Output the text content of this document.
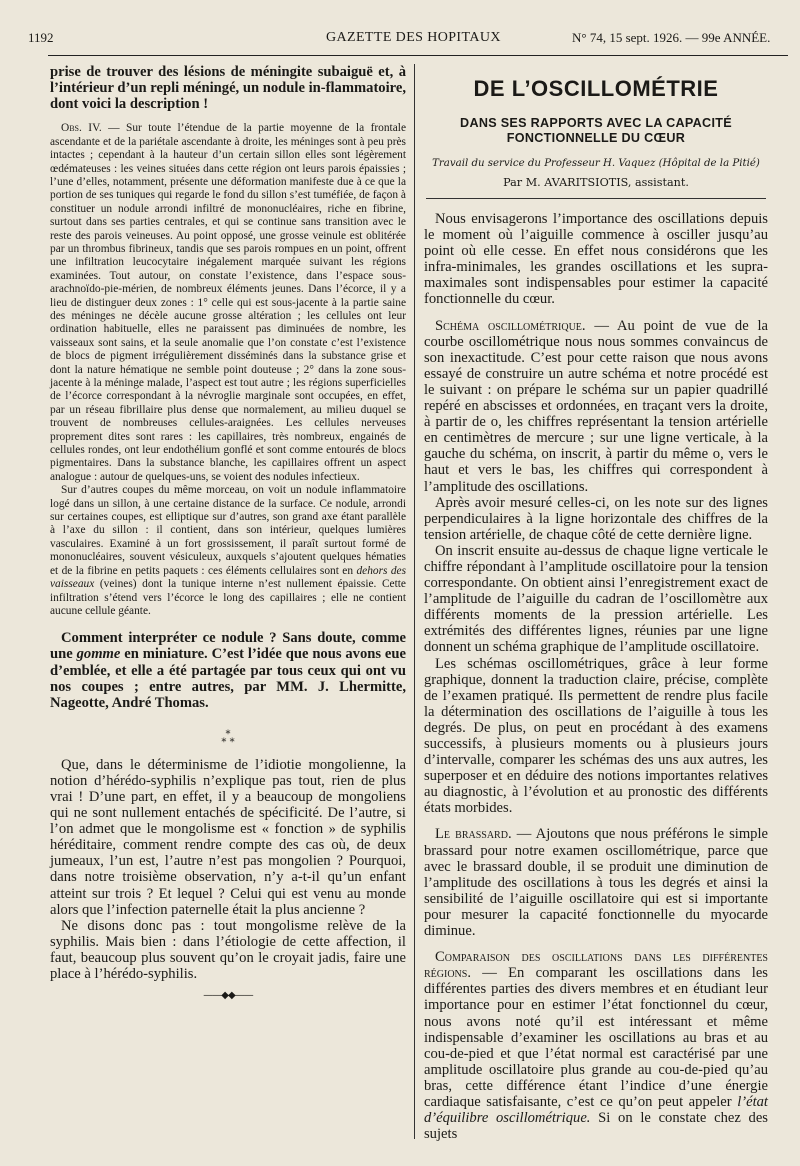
1192	GAZETTE DES HOPITAUX	N° 74, 15 sept. 1926. — 99e ANNÉE.

prise de trouver des lésions de méningite subaiguë et, à l’intérieur d’un repli méningé, un nodule in-flammatoire, dont voici la description !

Obs. IV. — Sur toute l’étendue de la partie moyenne de la frontale ascendante et de la pariétale ascendante à droite, les méninges sont à peu près intactes ; cependant à la hauteur d’un certain sillon elles sont légèrement œdémateuses : les veines situées dans cette région ont leurs parois épaissies ; l’une d’elles, notamment, présente une déformation manifeste due à ce que la portion de ses tuniques qui regarde le fond du sillon s’est tuméfiée, de façon à constituer un nodule arrondi infiltré de mononucléaires, riche en fibrine, surtout dans ses parties centrales, et qui se continue sans transition avec le reste des parois veineuses. Au point opposé, une grosse veinule est oblitérée par un thrombus fibrineux, tandis que ses parois rompues en un point, offrent une infiltration leucocytaire inégalement marquée suivant les régions examinées. Tout autour, on constate l’existence, dans l’espace sous-arachnoïdo-pie-mérien, de nombreux éléments jeunes. Dans l’écorce, il y a lieu de distinguer deux zones : 1° celle qui est sous-jacente à la partie saine des méninges ne décèle aucune grosse altération ; les cellules ont leur ordination habituelle, elles ne paraissent pas diminuées de nombre, les vaisseaux sont sains, et la seule anomalie que l’on constate c’est l’existence de blocs de pigment irrégulièrement disséminés dans la substance grise et dont la nature hématique ne semble point douteuse ; 2° dans la zone sous-jacente à la méninge malade, l’aspect est tout autre ; les régions superficielles de l’écorce correspondant à la névroglie marginale sont occupées, en effet, par un réseau fibrillaire plus dense que normalement, au milieu duquel se trouvent de nombreuses cellules-araignées. Les cellules nerveuses proprement dites sont rares : les capillaires, très nombreux, engainés de cellules rondes, ont leur endothélium gonflé et sont comme entourés de blocs pigmentaires. Dans la substance blanche, les capillaires offrent un aspect analogue : autour de quelques-uns, se voient des nodules infectieux.

Sur d’autres coupes du même morceau, on voit un nodule inflammatoire logé dans un sillon, à une certaine distance de la surface. Ce nodule, arrondi sur certaines coupes, est elliptique sur d’autres, son grand axe étant parallèle à l’axe du sillon : il contient, dans son intérieur, quelques lumières vasculaires. Examiné à un fort grossissement, il paraît surtout formé de mononucléaires, souvent vésiculeux, auxquels s’ajoutent quelques hématies et de la fibrine en petits paquets : ces éléments cellulaires sont en dehors des vaisseaux (veines) dont la tunique interne n’est nullement épaissie. Cette infiltration s’étend vers l’écorce le long des capillaires ; elle ne contient aucune cellule géante.

Comment interpréter ce nodule ? Sans doute, comme une gomme en miniature. C’est l’idée que nous avons eue d’emblée, et elle a été partagée par tous ceux qui ont vu nos coupes ; entre autres, par MM. J. Lhermitte, Nageotte, André Thomas.

*
* *

Que, dans le déterminisme de l’idiotie mongolienne, la notion d’hérédo-syphilis n’explique pas tout, rien de plus vrai ! D’une part, en effet, il y a beaucoup de mongoliens qui ne sont nullement entachés de spécificité. De l’autre, si l’on admet que le mongolisme est « fonction » de syphilis héréditaire, comment rendre compte des cas où, de deux jumeaux, l’un est, l’autre n’est pas mongolien ? Pourquoi, dans notre troisième observation, n’y a-t-il qu’un enfant atteint sur trois ? Et lequel ? Celui qui est venu au monde alors que l’infection paternelle était la plus ancienne ?

Ne disons donc pas : tout mongolisme relève de la syphilis. Mais bien : dans l’étiologie de cette affection, il faut, beaucoup plus souvent qu’on le croyait jadis, faire une place à l’hérédo-syphilis.

——◆◆——
DE L’OSCILLOMÉTRIE
DANS SES RAPPORTS AVEC LA CAPACITÉ
FONCTIONNELLE DU CŒUR
Travail du service du Professeur H. Vaquez (Hôpital de la Pitié)
Par M. AVARITSIOTIS, assistant.

Nous envisagerons l’importance des oscillations depuis le moment où l’aiguille commence à osciller jusqu’au point où elle cesse. En effet nous considérons que les infra-minimales, les grandes oscillations et les supra-maximales sont indispensables pour estimer la capacité fonctionnelle du cœur.

Schéma oscillométrique. — Au point de vue de la courbe oscillométrique nous nous sommes convaincus de son inexactitude. C’est pour cette raison que nous avons essayé de construire un autre schéma et notre procédé est le suivant : on prépare le schéma sur un papier quadrillé repéré en abscisses et ordonnées, en traçant vers la droite, à partir de o, les chiffres représentant la tension artérielle en centimètres de mercure ; sur une ligne verticale, à la gauche du schéma, on inscrit, à partir du même o, vers le haut et vers le bas, les chiffres qui correspondent à l’amplitude des oscillations.

Après avoir mesuré celles-ci, on les note sur des lignes perpendiculaires à la ligne horizontale des chiffres de la tension artérielle, de chaque côté de cette dernière ligne.

On inscrit ensuite au-dessus de chaque ligne verticale le chiffre répondant à l’amplitude oscillatoire pour la tension correspondante. On obtient ainsi l’enregistrement exact de l’amplitude de l’aiguille du cadran de l’oscillomètre aux différents moments de la pression artérielle. Les extrémités des différentes lignes, réunies par une ligne donnent un schéma graphique de l’amplitude oscillatoire.

Les schémas oscillométriques, grâce à leur forme graphique, donnent la traduction claire, précise, complète de l’examen pratiqué. Ils permettent de rendre plus facile la détermination des oscillations de l’aiguille à tous les degrés. De plus, on peut en procédant à des examens successifs, à plusieurs moments ou à plusieurs jours d’intervalle, comparer les schémas des uns aux autres, les superposer et en déduire des notions importantes relatives au diagnostic, à l’évolution et au pronostic des différents états morbides.

Le brassard. — Ajoutons que nous préférons le simple brassard pour notre examen oscillométrique, parce que avec le brassard double, il se produit une diminution de l’amplitude des oscillations à tous les degrés et ainsi la sensibilité de l’aiguille oscillatoire qui est si importante pour mesurer la capacité fonctionnelle du myocarde diminue.

Comparaison des oscillations dans les différentes régions. — En comparant les oscillations dans les différentes parties des divers membres et en étudiant leur importance pour en estimer l’état fonctionnel du cœur, nous avons noté qu’il est intéressant et même indispensable d’examiner les oscillations au bras et au cou-de-pied et que l’état normal est caractérisé par une amplitude oscillatoire plus grande au cou-de-pied qu’au bras, cette différence étant l’indice d’une énergie cardiaque satisfaisante, c’est ce qu’on peut appeler l’état d’équilibre oscillométrique. Si on le constate chez des sujets
